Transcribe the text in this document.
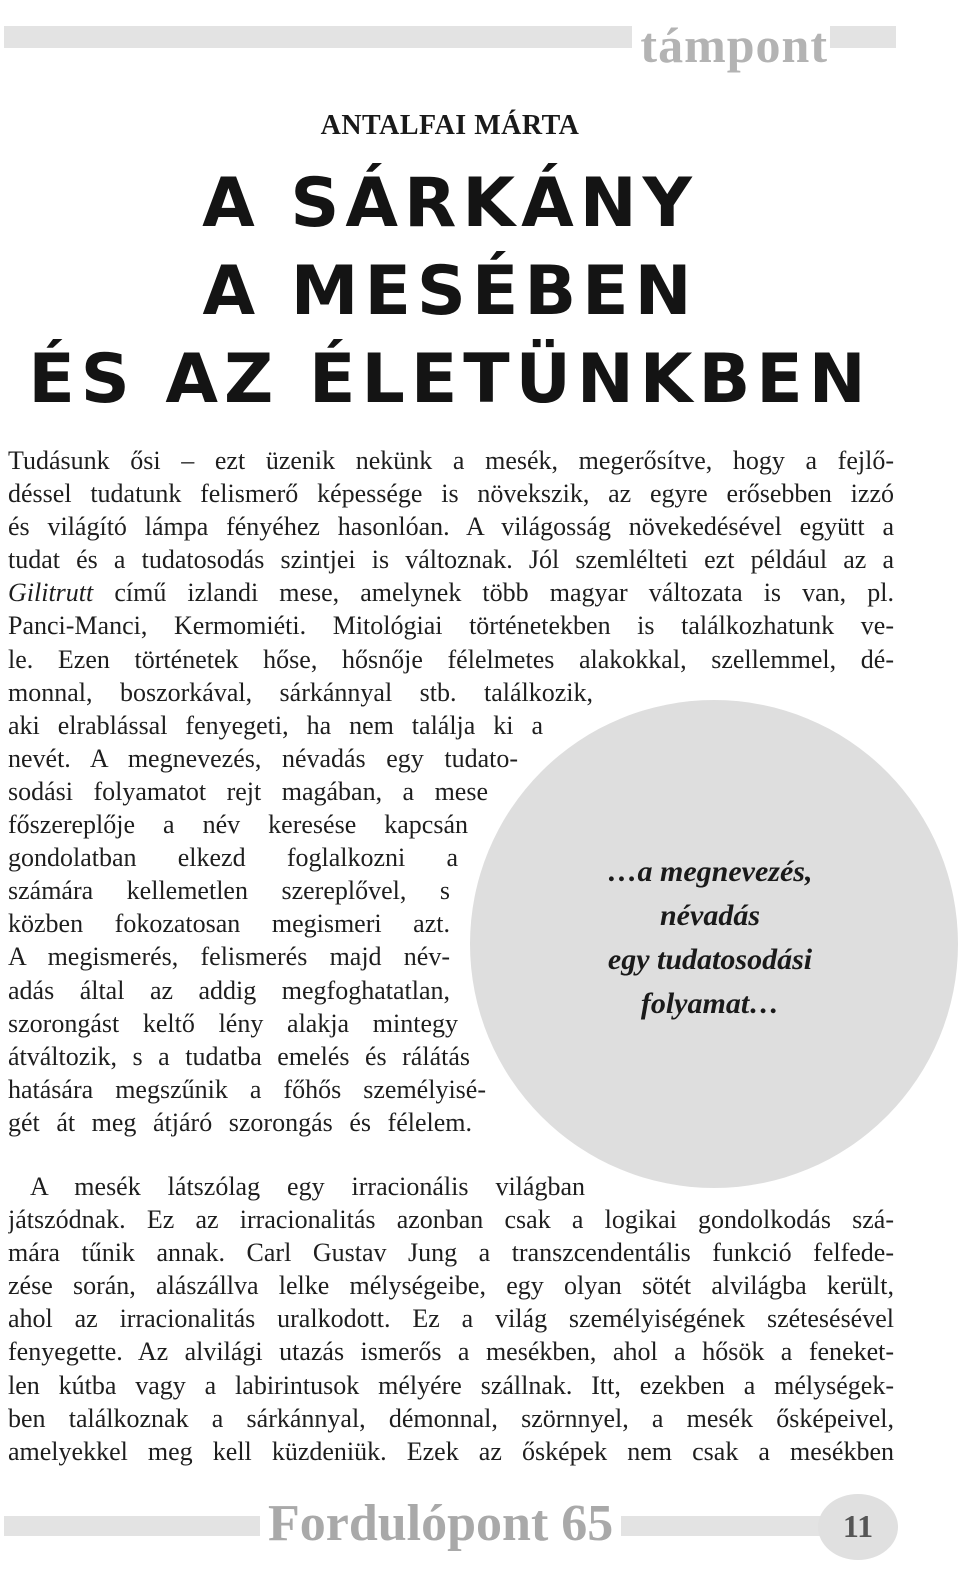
támpont
ANTALFAI MÁRTA
A SÁRKÁNY
A MESÉBEN
ÉS AZ ÉLETÜNKBEN
Tudásunk ősi – ezt üzenik nekünk a mesék, megerősítve, hogy a fejlő-
déssel tudatunk felismerő képessége is növekszik, az egyre erősebben izzó
és világító lámpa fényéhez hasonlóan. A világosság növekedésével együtt a
tudat és a tudatosodás szintjei is változnak. Jól szemlélteti ezt például az a
Gilitrutt című izlandi mese, amelynek több magyar változata is van, pl.
Panci-Manci, Kermomiéti. Mitológiai történetekben is találkozhatunk ve-
le. Ezen történetek hőse, hősnője félelmetes alakokkal, szellemmel, dé-
monnal, boszorkával, sárkánnyal stb. találkozik,
aki elrablással fenyegeti, ha nem találja ki a
nevét. A megnevezés, névadás egy tudato-
sodási folyamatot rejt magában, a mese
főszereplője a név keresése kapcsán
gondolatban elkezd foglalkozni a
számára kellemetlen szereplővel, s
közben fokozatosan megismeri azt.
A megismerés, felismerés majd név-
adás által az addig megfoghatatlan,
szorongást keltő lény alakja mintegy
átváltozik, s a tudatba emelés és rálátás
hatására megszűnik a főhős személyisé-
gét át meg átjáró szorongás és félelem.
…a megnevezés,
névadás
egy tudatosodási
folyamat…
A mesék látszólag egy irracionális világban
játszódnak. Ez az irracionalitás azonban csak a logikai gondolkodás szá-
mára tűnik annak. Carl Gustav Jung a transzcendentális funkció felfede-
zése során, alászállva lelke mélységeibe, egy olyan sötét alvilágba került,
ahol az irracionalitás uralkodott. Ez a világ személyiségének szétesésével
fenyegette. Az alvilági utazás ismerős a mesékben, ahol a hősök a feneket-
len kútba vagy a labirintusok mélyére szállnak. Itt, ezekben a mélységek-
ben találkoznak a sárkánnyal, démonnal, szörnnyel, a mesék ősképeivel,
amelyekkel meg kell küzdeniük. Ezek az ősképek nem csak a mesékben
Fordulópont 65	11
